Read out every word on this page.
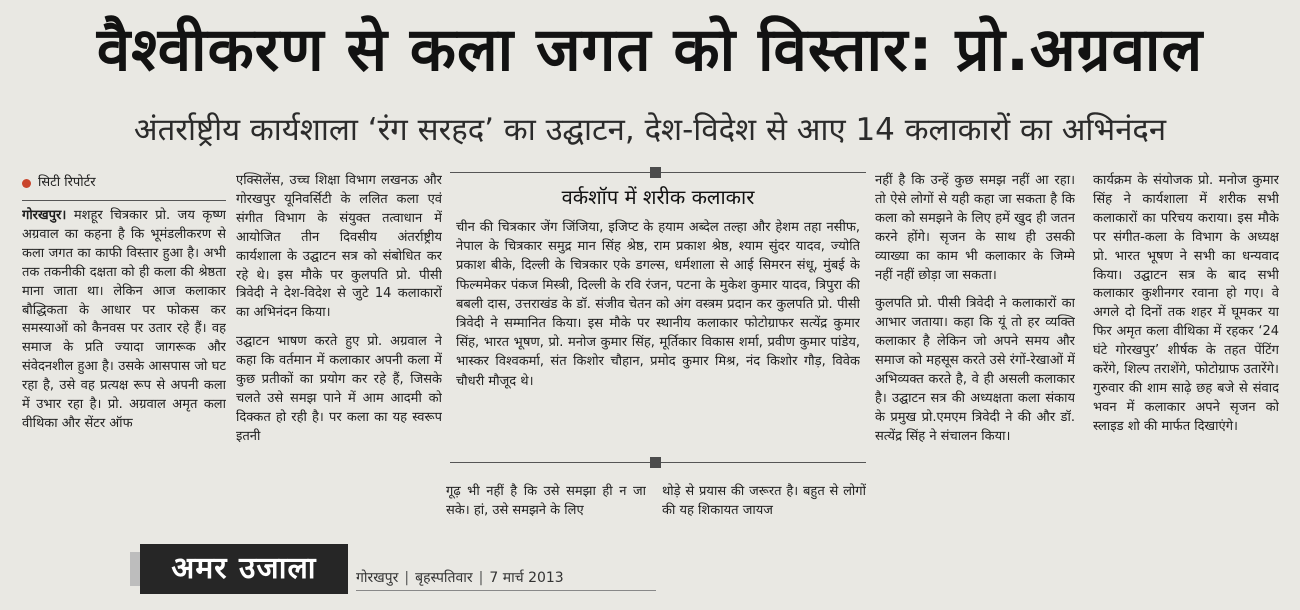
वैश्वीकरण से कला जगत को विस्तार: प्रो.अग्रवाल
अंतर्राष्ट्रीय कार्यशाला ‘रंग सरहद’ का उद्घाटन, देश-विदेश से आए 14 कलाकारों का अभिनंदन
सिटी रिपोर्टर

गोरखपुर। मशहूर चित्रकार प्रो. जय कृष्ण अग्रवाल का कहना है कि भूमंडलीकरण से कला जगत का काफी विस्तार हुआ है। अभी तक तकनीकी दक्षता को ही कला की श्रेष्ठता माना जाता था। लेकिन आज कलाकार बौद्धिकता के आधार पर फोकस कर समस्याओं को कैनवस पर उतार रहे हैं। वह समाज के प्रति ज्यादा जागरूक और संवेदनशील हुआ है। उसके आसपास जो घट रहा है, उसे वह प्रत्यक्ष रूप से अपनी कला में उभार रहा है। प्रो. अग्रवाल अमृत कला वीथिका और सेंटर ऑफ

एक्सिलेंस, उच्च शिक्षा विभाग लखनऊ और गोरखपुर यूनिवर्सिटी के ललित कला एवं संगीत विभाग के संयुक्त तत्वाधान में आयोजित तीन दिवसीय अंतर्राष्ट्रीय कार्यशाला के उद्घाटन सत्र को संबोधित कर रहे थे। इस मौके पर कुलपति प्रो. पीसी त्रिवेदी ने देश-विदेश से जुटे 14 कलाकारों का अभिनंदन किया।

उद्घाटन भाषण करते हुए प्रो. अग्रवाल ने कहा कि वर्तमान में कलाकार अपनी कला में कुछ प्रतीकों का प्रयोग कर रहे हैं, जिसके चलते उसे समझ पाने में आम आदमी को दिक्कत हो रही है। पर कला का यह स्वरूप इतनी

वर्कशॉप में शरीक कलाकार
चीन की चित्रकार जेंग जिंजिया, इजिप्ट के हयाम अब्देल तल्हा और हेशम तहा नसीफ, नेपाल के चित्रकार समुद्र मान सिंह श्रेष्ठ, राम प्रकाश श्रेष्ठ, श्याम सुंदर यादव, ज्योति प्रकाश बीके, दिल्ली के चित्रकार एके डगल्स, धर्मशाला से आई सिमरन संधू, मुंबई के फिल्ममेकर पंकज मिस्त्री, दिल्ली के रवि रंजन, पटना के मुकेश कुमार यादव, त्रिपुरा की बबली दास, उत्तराखंड के डॉ. संजीव चेतन को अंग वस्त्रम प्रदान कर कुलपति प्रो. पीसी त्रिवेदी ने सम्मानित किया। इस मौके पर स्थानीय कलाकार फोटोग्राफर सत्येंद्र कुमार सिंह, भारत भूषण, प्रो. मनोज कुमार सिंह, मूर्तिकार विकास शर्मा, प्रवीण कुमार पांडेय, भास्कर विश्वकर्मा, संत किशोर चौहान, प्रमोद कुमार मिश्र, नंद किशोर गौड़, विवेक चौधरी मौजूद थे।
गूढ़ भी नहीं है कि उसे समझा ही न जा सके। हां, उसे समझने के लिए
थोड़े से प्रयास की जरूरत है। बहुत से लोगों की यह शिकायत जायज

नहीं है कि उन्हें कुछ समझ नहीं आ रहा। तो ऐसे लोगों से यही कहा जा सकता है कि कला को समझने के लिए हमें खुद ही जतन करने होंगे। सृजन के साथ ही उसकी व्याख्या का काम भी कलाकार के जिम्मे नहीं नहीं छोड़ा जा सकता।

कुलपति प्रो. पीसी त्रिवेदी ने कलाकारों का आभार जताया। कहा कि यूं तो हर व्यक्ति कलाकार है लेकिन जो अपने समय और समाज को महसूस करते उसे रंगों-रेखाओं में अभिव्यक्त करते है, वे ही असली कलाकार है। उद्घाटन सत्र की अध्यक्षता कला संकाय के प्रमुख प्रो.एमएम त्रिवेदी ने की और डॉ. सत्येंद्र सिंह ने संचालन किया।

कार्यक्रम के संयोजक प्रो. मनोज कुमार सिंह ने कार्यशाला में शरीक सभी कलाकारों का परिचय कराया। इस मौके पर संगीत-कला के विभाग के अध्यक्ष प्रो. भारत भूषण ने सभी का धन्यवाद किया। उद्घाटन सत्र के बाद सभी कलाकार कुशीनगर रवाना हो गए। वे अगले दो दिनों तक शहर में घूमकर या फिर अमृत कला वीथिका में रहकर ‘24 घंटे गोरखपुर’ शीर्षक के तहत पेंटिंग करेंगे, शिल्प तराशेंगे, फोटोग्राफ उतारेंगे। गुरुवार की शाम साढ़े छह बजे से संवाद भवन में कलाकार अपने सृजन को स्लाइड शो की मार्फत दिखाएंगे।

अमर उजाला	गोरखपुर | बृहस्पतिवार | 7 मार्च 2013
